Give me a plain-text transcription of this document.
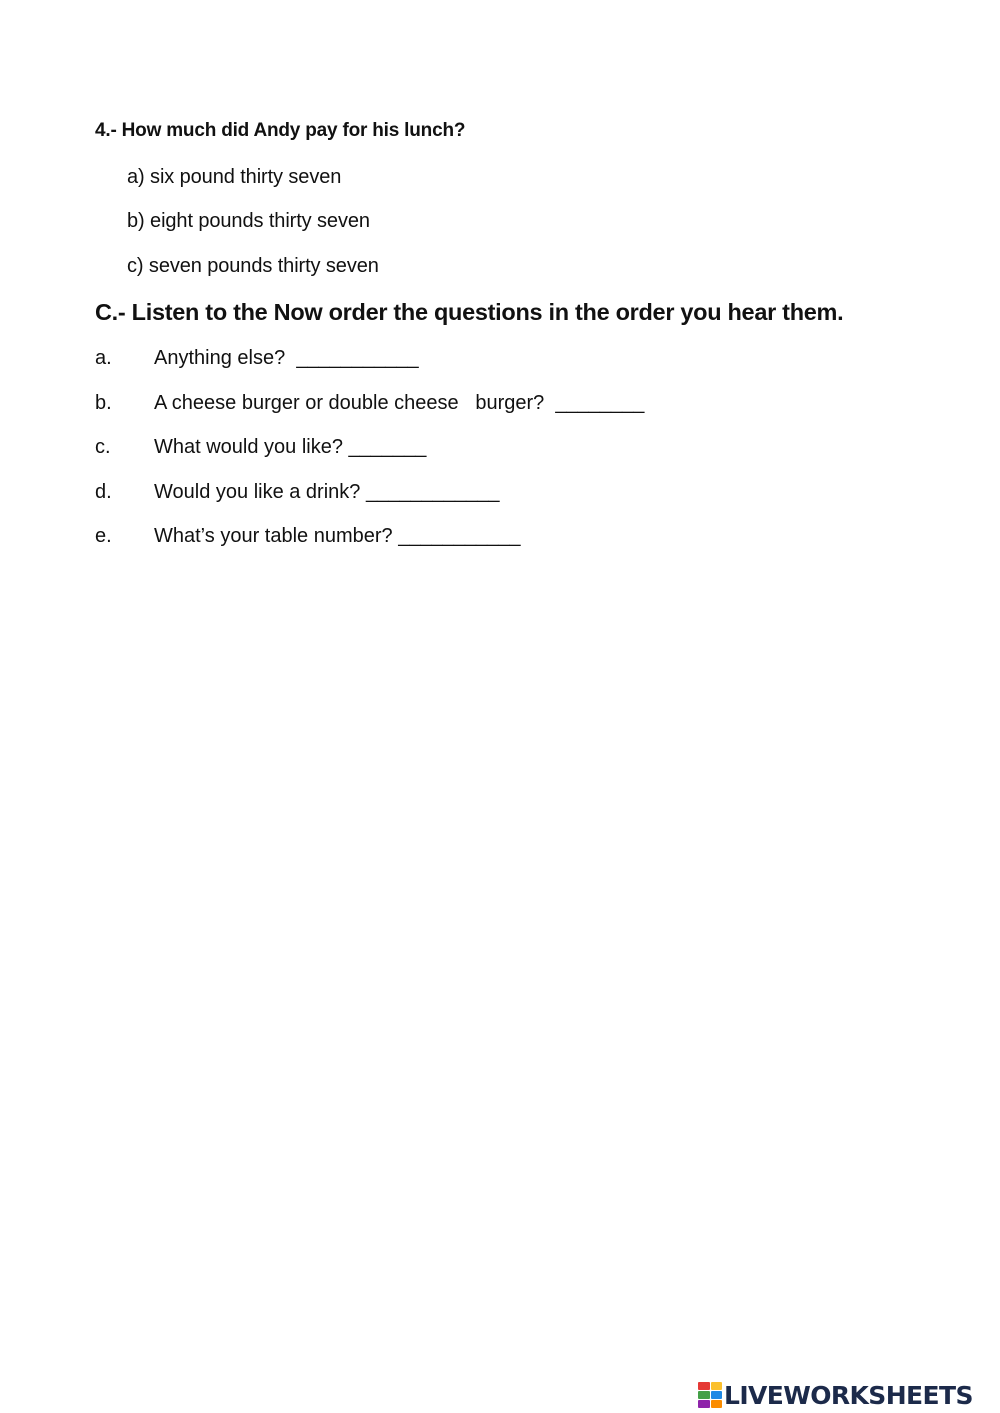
4.- How much did Andy pay for his lunch?
a) six pound thirty seven
b) eight pounds thirty seven
c) seven pounds thirty seven
C.- Listen to the Now order the questions in the order you hear them.

a.

Anything else?  ___________

b.

A cheese burger or double cheese   burger?  ________

c.

What would you like? _______

d.

Would you like a drink? ____________

e.

What’s your table number? ___________

LIVEWORKSHEETS
